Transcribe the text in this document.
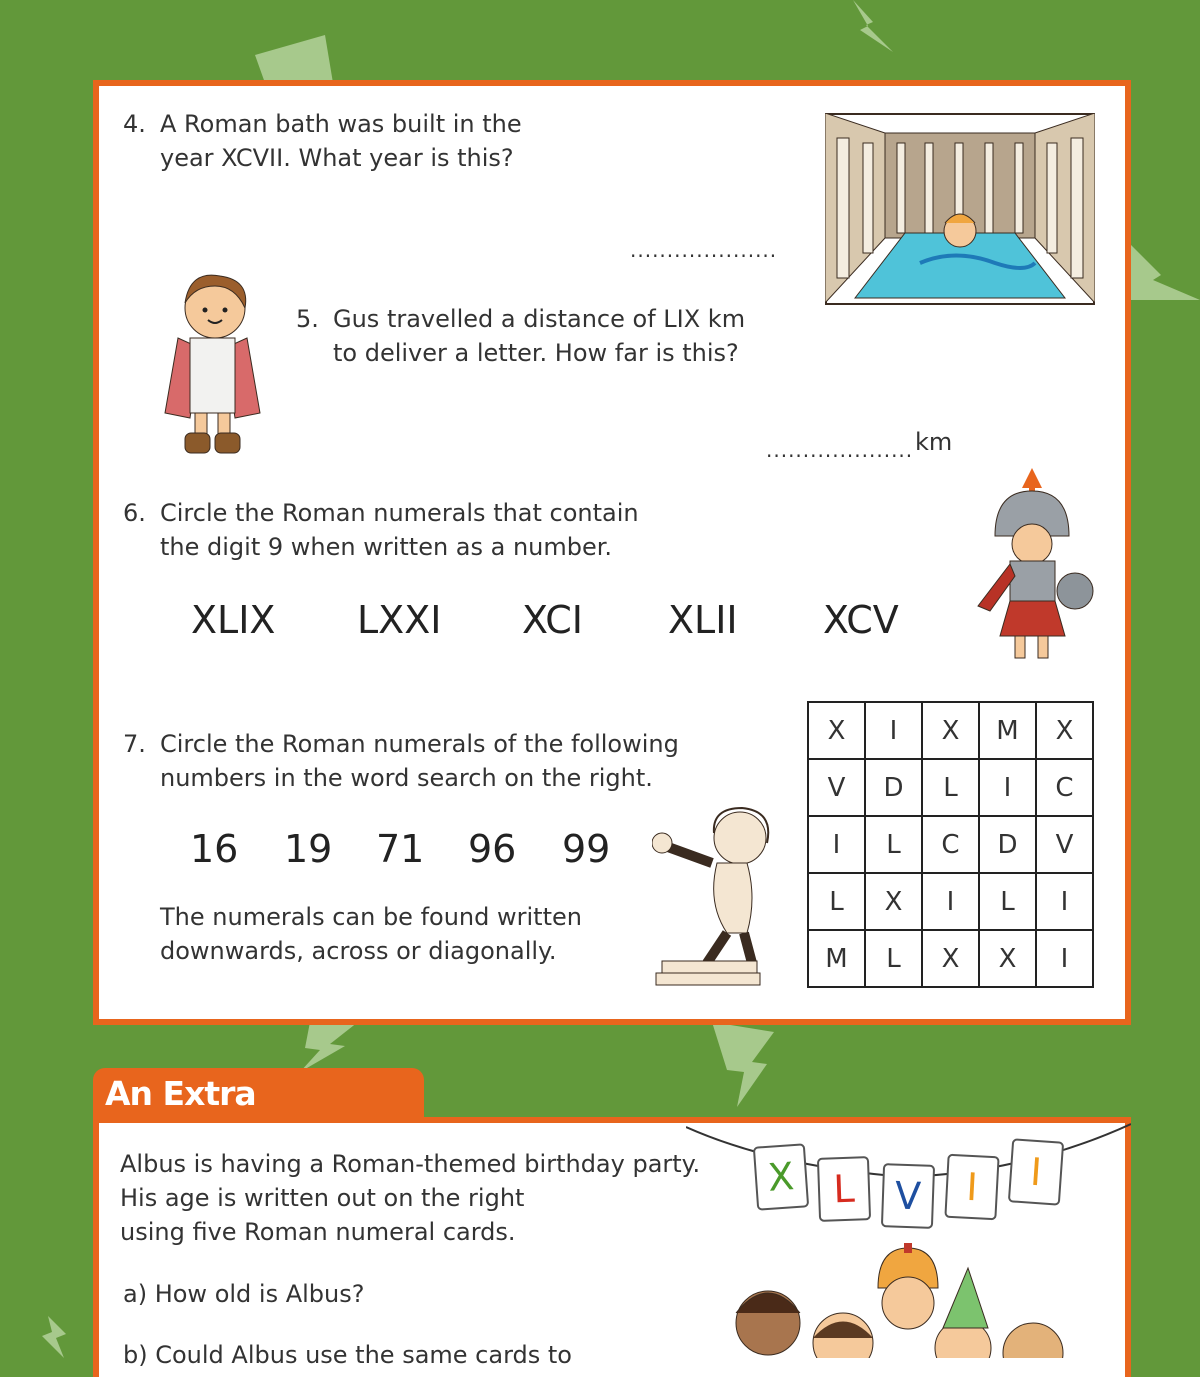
4. A Roman bath was built in the
year XCVII. What year is this?
....................
5. Gus travelled a distance of LIX km
to deliver a letter. How far is this?
.................... km
6. Circle the Roman numerals that contain
the digit 9 when written as a number.
XLIX LXXI XCI XLII XCV
7. Circle the Roman numerals of the following
numbers in the word search on the right.
16 19 71 96 99
The numerals can be found written
downwards, across or diagonally.
X	I	X	M	X
V	D	L	I	C
I	L	C	D	V
L	X	I	L	I
M	L	X	X	I
An Extra
Albus is having a Roman-themed birthday party.
His age is written out on the right
using five Roman numeral cards.
a) How old is Albus?
b) Could Albus use the same cards to
X L	V	I	I
